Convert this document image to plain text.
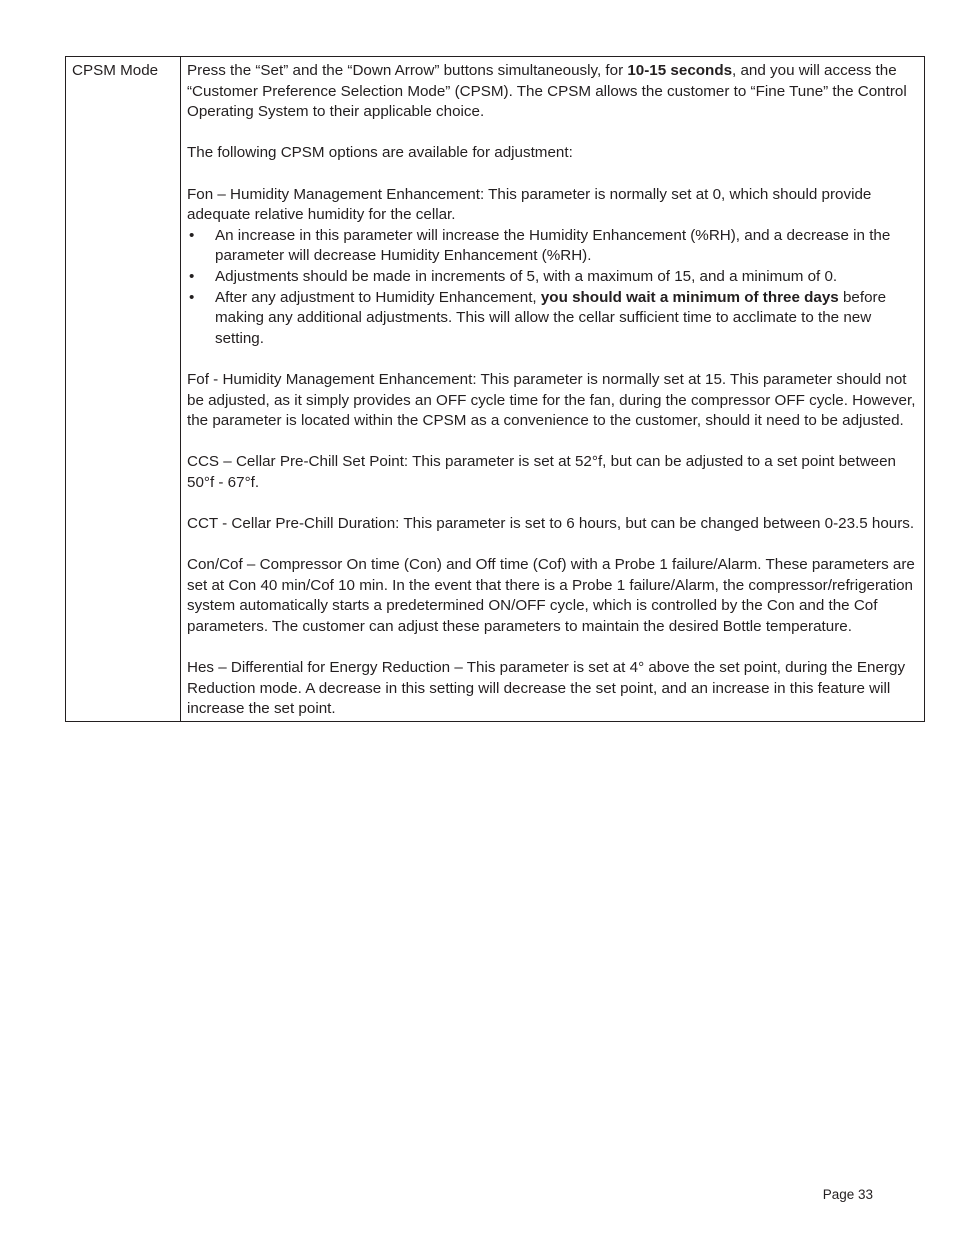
CPSM Mode	Press the “Set” and the “Down Arrow” buttons simultaneously, for 10-15 seconds, and you will access the “Customer Preference Selection Mode” (CPSM). The CPSM allows the customer to “Fine Tune” the Control Operating System to their applicable choice.

The following CPSM options are available for adjustment:

Fon – Humidity Management Enhancement: This parameter is normally set at 0, which should provide adequate relative humidity for the cellar.

• An increase in this parameter will increase the Humidity Enhancement (%RH), and a decrease in the parameter will decrease Humidity Enhancement (%RH).
• Adjustments should be made in increments of 5, with a maximum of 15, and a minimum of 0.
• After any adjustment to Humidity Enhancement, you should wait a minimum of three days before making any additional adjustments. This will allow the cellar sufficient time to acclimate to the new setting.

Fof - Humidity Management Enhancement: This parameter is normally set at 15. This parameter should not be adjusted, as it simply provides an OFF cycle time for the fan, during the compressor OFF cycle. However, the parameter is located within the CPSM as a convenience to the customer, should it need to be adjusted.

CCS – Cellar Pre-Chill Set Point: This parameter is set at 52°f, but can be adjusted to a set point between 50°f - 67°f.

CCT - Cellar Pre-Chill Duration: This parameter is set to 6 hours, but can be changed between 0-23.5 hours.

Con/Cof – Compressor On time (Con) and Off time (Cof) with a Probe 1 failure/Alarm. These parameters are set at Con 40 min/Cof 10 min. In the event that there is a Probe 1 failure/Alarm, the compressor/refrigeration system automatically starts a predetermined ON/OFF cycle, which is controlled by the Con and the Cof parameters. The customer can adjust these parameters to maintain the desired Bottle temperature.

Hes – Differential for Energy Reduction – This parameter is set at 4° above the set point, during the Energy Reduction mode. A decrease in this setting will decrease the set point, and an increase in this feature will increase the set point.

Page 33
